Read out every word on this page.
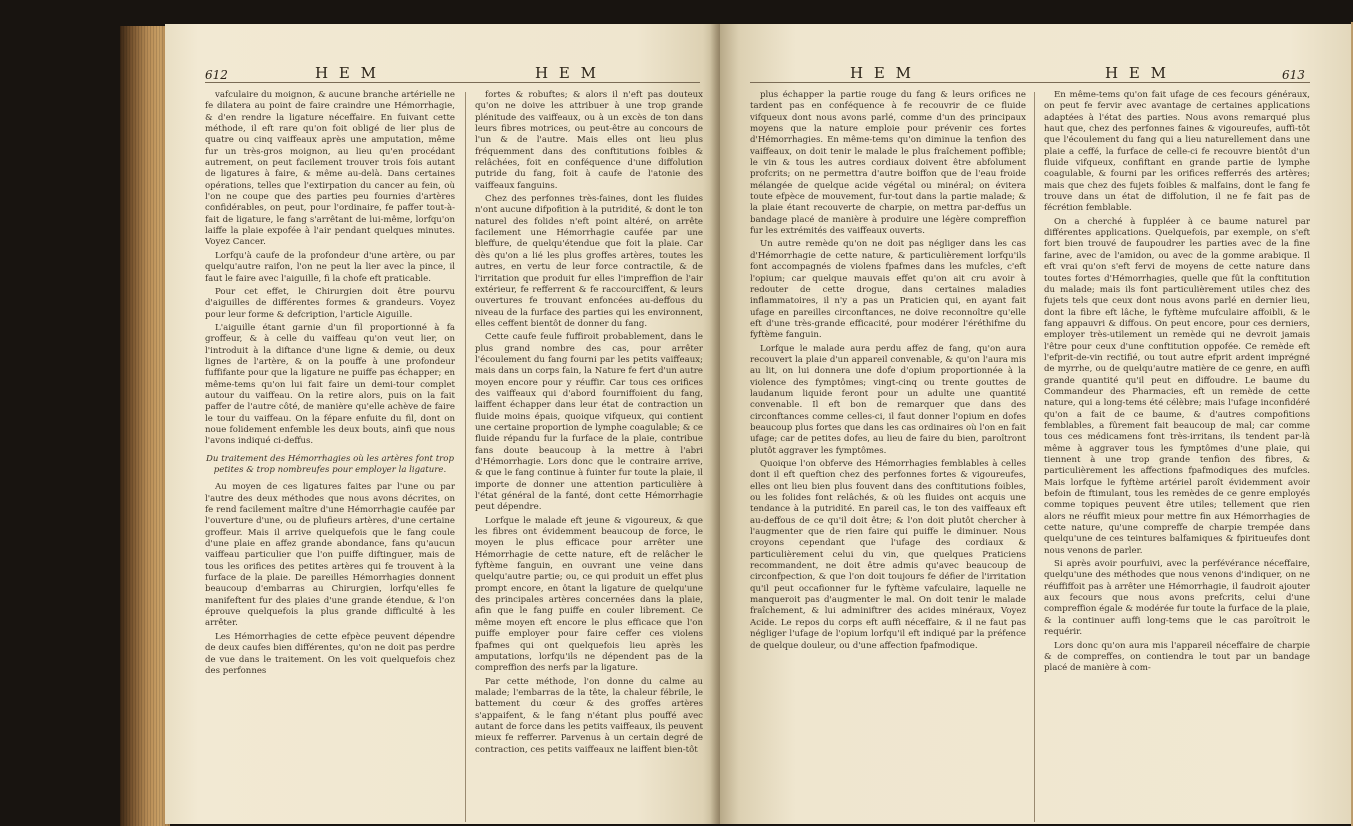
612	H E M	H E M

vafculaire du moignon, & aucune branche artérielle ne fe dilatera au point de faire craindre une Hémorrhagie, & d'en rendre la ligature néceffaire. En fuivant cette méthode, il eft rare qu'on foit obligé de lier plus de quatre ou cinq vaiffeaux après une amputation, même fur un très-gros moignon, au lieu qu'en procédant autrement, on peut facilement trouver trois fois autant de ligatures à faire, & même au-delà. Dans certaines opérations, telles que l'extirpation du cancer au fein, où l'on ne coupe que des parties peu fournies d'artères confidérables, on peut, pour l'ordinaire, fe paffer tout-à-fait de ligature, le fang s'arrêtant de lui-même, lorfqu'on laiffe la plaie expofée à l'air pendant quelques minutes. Voyez Cancer.

Lorfqu'à caufe de la profondeur d'une artère, ou par quelqu'autre raifon, l'on ne peut la lier avec la pince, il faut le faire avec l'aiguille, fi la chofe eft praticable.

Pour cet effet, le Chirurgien doit être pourvu d'aiguilles de différentes formes & grandeurs. Voyez pour leur forme & defcription, l'article Aiguille.

L'aiguille étant garnie d'un fil proportionné à fa groffeur, & à celle du vaiffeau qu'on veut lier, on l'introduit à la diftance d'une ligne & demie, ou deux lignes de l'artère, & on la pouffe à une profondeur fuffifante pour que la ligature ne puiffe pas échapper; en même-tems qu'on lui fait faire un demi-tour complet autour du vaiffeau. On la retire alors, puis on la fait paffer de l'autre côté, de manière qu'elle achève de faire le tour du vaiffeau. On la fépare enfuite du fil, dont on noue folidement enfemble les deux bouts, ainfi que nous l'avons indiqué ci-deffus.

Du traitement des Hémorrhagies où les artères font trop petites & trop nombreufes pour employer la ligature.

Au moyen de ces ligatures faites par l'une ou par l'autre des deux méthodes que nous avons décrites, on fe rend facilement maître d'une Hémorrhagie caufée par l'ouverture d'une, ou de plufieurs artères, d'une certaine groffeur. Mais il arrive quelquefois que le fang coule d'une plaie en affez grande abondance, fans qu'aucun vaiffeau particulier que l'on puiffe diftinguer, mais de tous les orifices des petites artères qui fe trouvent à la furface de la plaie. De pareilles Hémorrhagies donnent beaucoup d'embarras au Chirurgien, lorfqu'elles fe manifeftent fur des plaies d'une grande étendue, & l'on éprouve quelquefois la plus grande difficulté à les arrêter.

Les Hémorrhagies de cette efpèce peuvent dépendre de deux caufes bien différentes, qu'on ne doit pas perdre de vue dans le traitement. On les voit quelquefois chez des perfonnes

fortes & robuftes; & alors il n'eft pas douteux qu'on ne doive les attribuer à une trop grande plénitude des vaiffeaux, ou à un excès de ton dans leurs fibres motrices, ou peut-être au concours de l'un & de l'autre. Mais elles ont lieu plus fréquemment dans des conftitutions foibles & relâchées, foit en conféquence d'une diffolution putride du fang, foit à caufe de l'atonie des vaiffeaux fanguins.

Chez des perfonnes très-faines, dont les fluides n'ont aucune difpofition à la putridité, & dont le ton naturel des folides n'eft point altéré, on arrête facilement une Hémorrhagie caufée par une bleffure, de quelqu'étendue que foit la plaie. Car dès qu'on a lié les plus groffes artères, toutes les autres, en vertu de leur force contractile, & de l'irritation que produit fur elles l'impreffion de l'air extérieur, fe refferrent & fe raccourciffent, & leurs ouvertures fe trouvant enfoncées au-deffous du niveau de la furface des parties qui les environnent, elles ceffent bientôt de donner du fang.

Cette caufe feule fuffiroit probablement, dans le plus grand nombre des cas, pour arrêter l'écoulement du fang fourni par les petits vaiffeaux; mais dans un corps fain, la Nature fe fert d'un autre moyen encore pour y réuffir. Car tous ces orifices des vaiffeaux qui d'abord fourniffoient du fang, laiffent échapper dans leur état de contraction un fluide moins épais, quoique vifqueux, qui contient une certaine proportion de lymphe coagulable; & ce fluide répandu fur la furface de la plaie, contribue fans doute beaucoup à la mettre à l'abri d'Hémorrhagie. Lors donc que le contraire arrive, & que le fang continue à fuinter fur toute la plaie, il importe de donner une attention particulière à l'état général de la fanté, dont cette Hémorrhagie peut dépendre.

Lorfque le malade eft jeune & vigoureux, & que les fibres ont évidemment beaucoup de force, le moyen le plus efficace pour arrêter une Hémorrhagie de cette nature, eft de relâcher le fyftème fanguin, en ouvrant une veine dans quelqu'autre partie; ou, ce qui produit un effet plus prompt encore, en ôtant la ligature de quelqu'une des principales artères concernées dans la plaie, afin que le fang puiffe en couler librement. Ce même moyen eft encore le plus efficace que l'on puiffe employer pour faire ceffer ces violens fpafmes qui ont quelquefois lieu après les amputations, lorfqu'ils ne dépendent pas de la compreffion des nerfs par la ligature.

Par cette méthode, l'on donne du calme au malade; l'embarras de la tête, la chaleur fébrile, le battement du cœur & des groffes artères s'appaifent, & le fang n'étant plus pouffé avec autant de force dans les petits vaiffeaux, ils peuvent mieux fe refferrer. Parvenus à un certain degré de contraction, ces petits vaiffeaux ne laiffent bien-tôt

H E M	H E M	613

plus échapper la partie rouge du fang & leurs orifices ne tardent pas en conféquence à fe recouvrir de ce fluide vifqueux dont nous avons parlé, comme d'un des principaux moyens que la nature emploie pour prévenir ces fortes d'Hémorrhagies. En même-tems qu'on diminue la tenfion des vaiffeaux, on doit tenir le malade le plus fraîchement poffible; le vin & tous les autres cordiaux doivent être abfolument profcrits; on ne permettra d'autre boiffon que de l'eau froide mélangée de quelque acide végétal ou minéral; on évitera toute efpèce de mouvement, fur-tout dans la partie malade; & la plaie étant recouverte de charpie, on mettra par-deffus un bandage placé de manière à produire une légère compreffion fur les extrémités des vaiffeaux ouverts.

Un autre remède qu'on ne doit pas négliger dans les cas d'Hémorrhagie de cette nature, & particulièrement lorfqu'ils font accompagnés de violens fpafmes dans les mufcles, c'eft l'opium; car quelque mauvais effet qu'on ait cru avoir à redouter de cette drogue, dans certaines maladies inflammatoires, il n'y a pas un Praticien qui, en ayant fait ufage en pareilles circonftances, ne doive reconnoître qu'elle eft d'une très-grande efficacité, pour modérer l'éréthifme du fyftème fanguin.

Lorfque le malade aura perdu affez de fang, qu'on aura recouvert la plaie d'un appareil convenable, & qu'on l'aura mis au lit, on lui donnera une dofe d'opium proportionnée à la violence des fymptômes; vingt-cinq ou trente gouttes de laudanum liquide feront pour un adulte une quantité convenable. Il eft bon de remarquer que dans des circonftances comme celles-ci, il faut donner l'opium en dofes beaucoup plus fortes que dans les cas ordinaires où l'on en fait ufage; car de petites dofes, au lieu de faire du bien, paroîtront plutôt aggraver les fymptômes.

Quoique l'on obferve des Hémorrhagies femblables à celles dont il eft queftion chez des perfonnes fortes & vigoureufes, elles ont lieu bien plus fouvent dans des conftitutions foibles, ou les folides font relâchés, & où les fluides ont acquis une tendance à la putridité. En pareil cas, le ton des vaiffeaux eft au-deffous de ce qu'il doit être; & l'on doit plutôt chercher à l'augmenter que de rien faire qui puiffe le diminuer. Nous croyons cependant que l'ufage des cordiaux & particulièrement celui du vin, que quelques Praticiens recommandent, ne doit être admis qu'avec beaucoup de circonfpection, & que l'on doit toujours fe défier de l'irritation qu'il peut occafionner fur le fyftème vafculaire, laquelle ne manqueroit pas d'augmenter le mal. On doit tenir le malade fraîchement, & lui adminiftrer des acides minéraux, Voyez Acide. Le repos du corps eft auffi néceffaire, & il ne faut pas négliger l'ufage de l'opium lorfqu'il eft indiqué par la préfence de quelque douleur, ou d'une affection fpafmodique.

En même-tems qu'on fait ufage de ces fecours généraux, on peut fe fervir avec avantage de certaines applications adaptées à l'état des parties. Nous avons remarqué plus haut que, chez des perfonnes faines & vigoureufes, auffi-tôt que l'écoulement du fang qui a lieu naturellement dans une plaie a ceffé, la furface de celle-ci fe recouvre bientôt d'un fluide vifqueux, confiftant en grande partie de lymphe coagulable, & fourni par les orifices refferrés des artères; mais que chez des fujets foibles & malfains, dont le fang fe trouve dans un état de diffolution, il ne fe fait pas de fécrétion femblable.

On a cherché à fuppléer à ce baume naturel par différentes applications. Quelquefois, par exemple, on s'eft fort bien trouvé de faupoudrer les parties avec de la fine farine, avec de l'amidon, ou avec de la gomme arabique. Il eft vrai qu'on s'eft fervi de moyens de cette nature dans toutes fortes d'Hémorrhagies, quelle que fût la conftitution du malade; mais ils font particulièrement utiles chez des fujets tels que ceux dont nous avons parlé en dernier lieu, dont la fibre eft lâche, le fyftème mufculaire affoibli, & le fang appauvri & diffous. On peut encore, pour ces derniers, employer très-utilement un remède qui ne devroit jamais l'être pour ceux d'une conftitution oppofée. Ce remède eft l'efprit-de-vin rectifié, ou tout autre efprit ardent imprégné de myrrhe, ou de quelqu'autre matière de ce genre, en auffi grande quantité qu'il peut en diffoudre. Le baume du Commandeur des Pharmacies, eft un remède de cette nature, qui a long-tems été célèbre; mais l'ufage inconfidéré qu'on a fait de ce baume, & d'autres compofitions femblables, a fûrement fait beaucoup de mal; car comme tous ces médicamens font très-irritans, ils tendent par-là même à aggraver tous les fymptômes d'une plaie, qui tiennent à une trop grande tenfion des fibres, & particulièrement les affections fpafmodiques des mufcles. Mais lorfque le fyftème artériel paroît évidemment avoir befoin de ftimulant, tous les remèdes de ce genre employés comme topiques peuvent être utiles; tellement que rien alors ne réuffit mieux pour mettre fin aux Hémorrhagies de cette nature, qu'une compreffe de charpie trempée dans quelqu'une de ces teintures balfamiques & fpiritueufes dont nous venons de parler.

Si après avoir pourfuivi, avec la perfévérance néceffaire, quelqu'une des méthodes que nous venons d'indiquer, on ne réuffiffoit pas à arrêter une Hémorrhagie, il faudroit ajouter aux fecours que nous avons prefcrits, celui d'une compreffion égale & modérée fur toute la furface de la plaie, & la continuer auffi long-tems que le cas paroîtroit le requérir.

Lors donc qu'on aura mis l'appareil néceffaire de charpie & de compreffes, on contiendra le tout par un bandage placé de manière à com-
